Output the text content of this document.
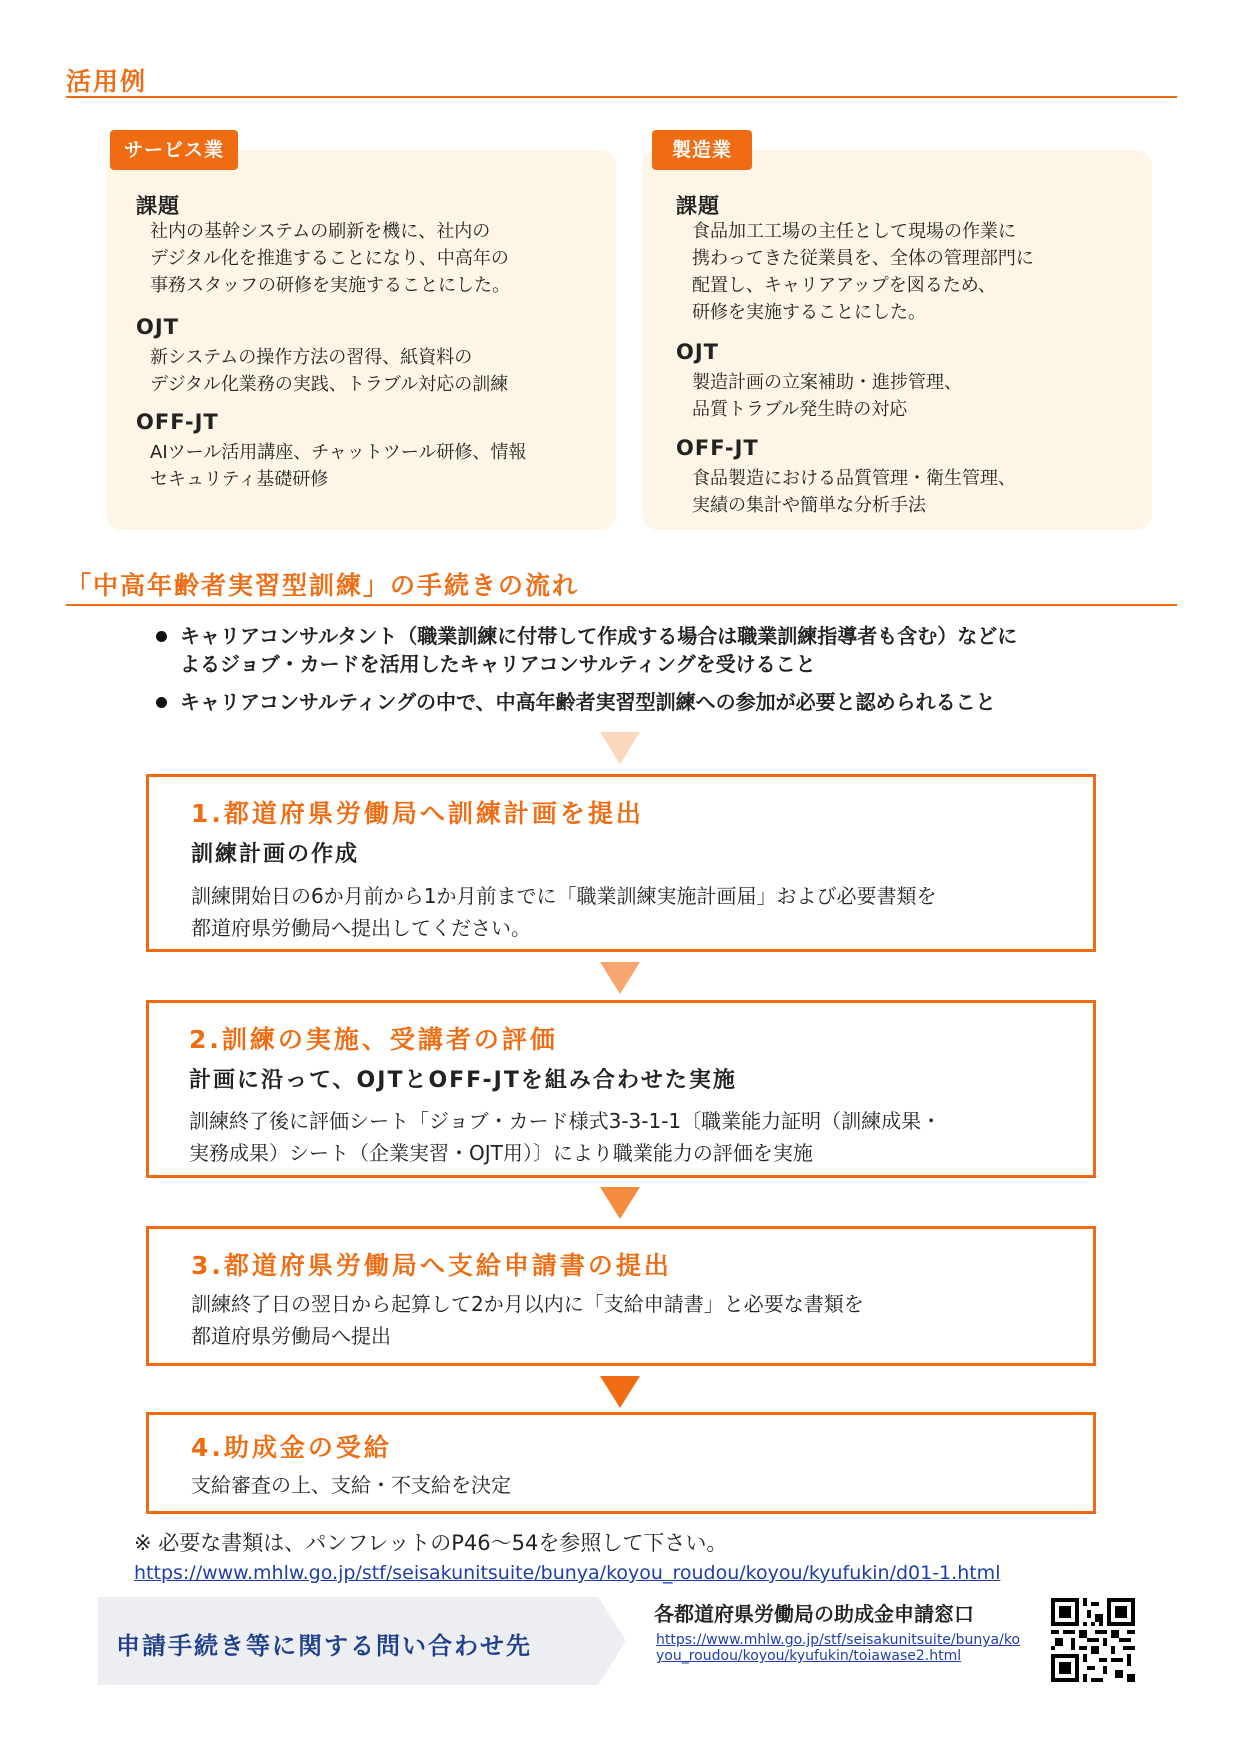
活用例
サービス業
課題
社内の基幹システムの刷新を機に、社内の
デジタル化を推進することになり、中高年の
事務スタッフの研修を実施することにした。
OJT
新システムの操作方法の習得、紙資料の
デジタル化業務の実践、トラブル対応の訓練
OFF-JT
AIツール活用講座、チャットツール研修、情報
セキュリティ基礎研修
製造業
課題
食品加工工場の主任として現場の作業に
携わってきた従業員を、全体の管理部門に
配置し、キャリアアップを図るため、
研修を実施することにした。
OJT
製造計画の立案補助・進捗管理、
品質トラブル発生時の対応
OFF-JT
食品製造における品質管理・衛生管理、
実績の集計や簡単な分析手法
「中高年齢者実習型訓練」の手続きの流れ
キャリアコンサルタント（職業訓練に付帯して作成する場合は職業訓練指導者も含む）などに
よるジョブ・カードを活用したキャリアコンサルティングを受けること
キャリアコンサルティングの中で、中高年齢者実習型訓練への参加が必要と認められること
1.都道府県労働局へ訓練計画を提出
訓練計画の作成
訓練開始日の6か月前から1か月前までに「職業訓練実施計画届」および必要書類を
都道府県労働局へ提出してください。
2.訓練の実施、受講者の評価
計画に沿って、OJTとOFF-JTを組み合わせた実施
訓練終了後に評価シート「ジョブ・カード様式3-3-1-1〔職業能力証明（訓練成果・
実務成果）シート（企業実習・OJT用）〕により職業能力の評価を実施
3.都道府県労働局へ支給申請書の提出
訓練終了日の翌日から起算して2か月以内に「支給申請書」と必要な書類を
都道府県労働局へ提出
4.助成金の受給
支給審査の上、支給・不支給を決定
※ 必要な書類は、パンフレットのP46～54を参照して下さい。
https://www.mhlw.go.jp/stf/seisakunitsuite/bunya/koyou_roudou/koyou/kyufukin/d01-1.html
申請手続き等に関する問い合わせ先
各都道府県労働局の助成金申請窓口
https://www.mhlw.go.jp/stf/seisakunitsuite/bunya/koyou_roudou/koyou/kyufukin/toiawase2.html
